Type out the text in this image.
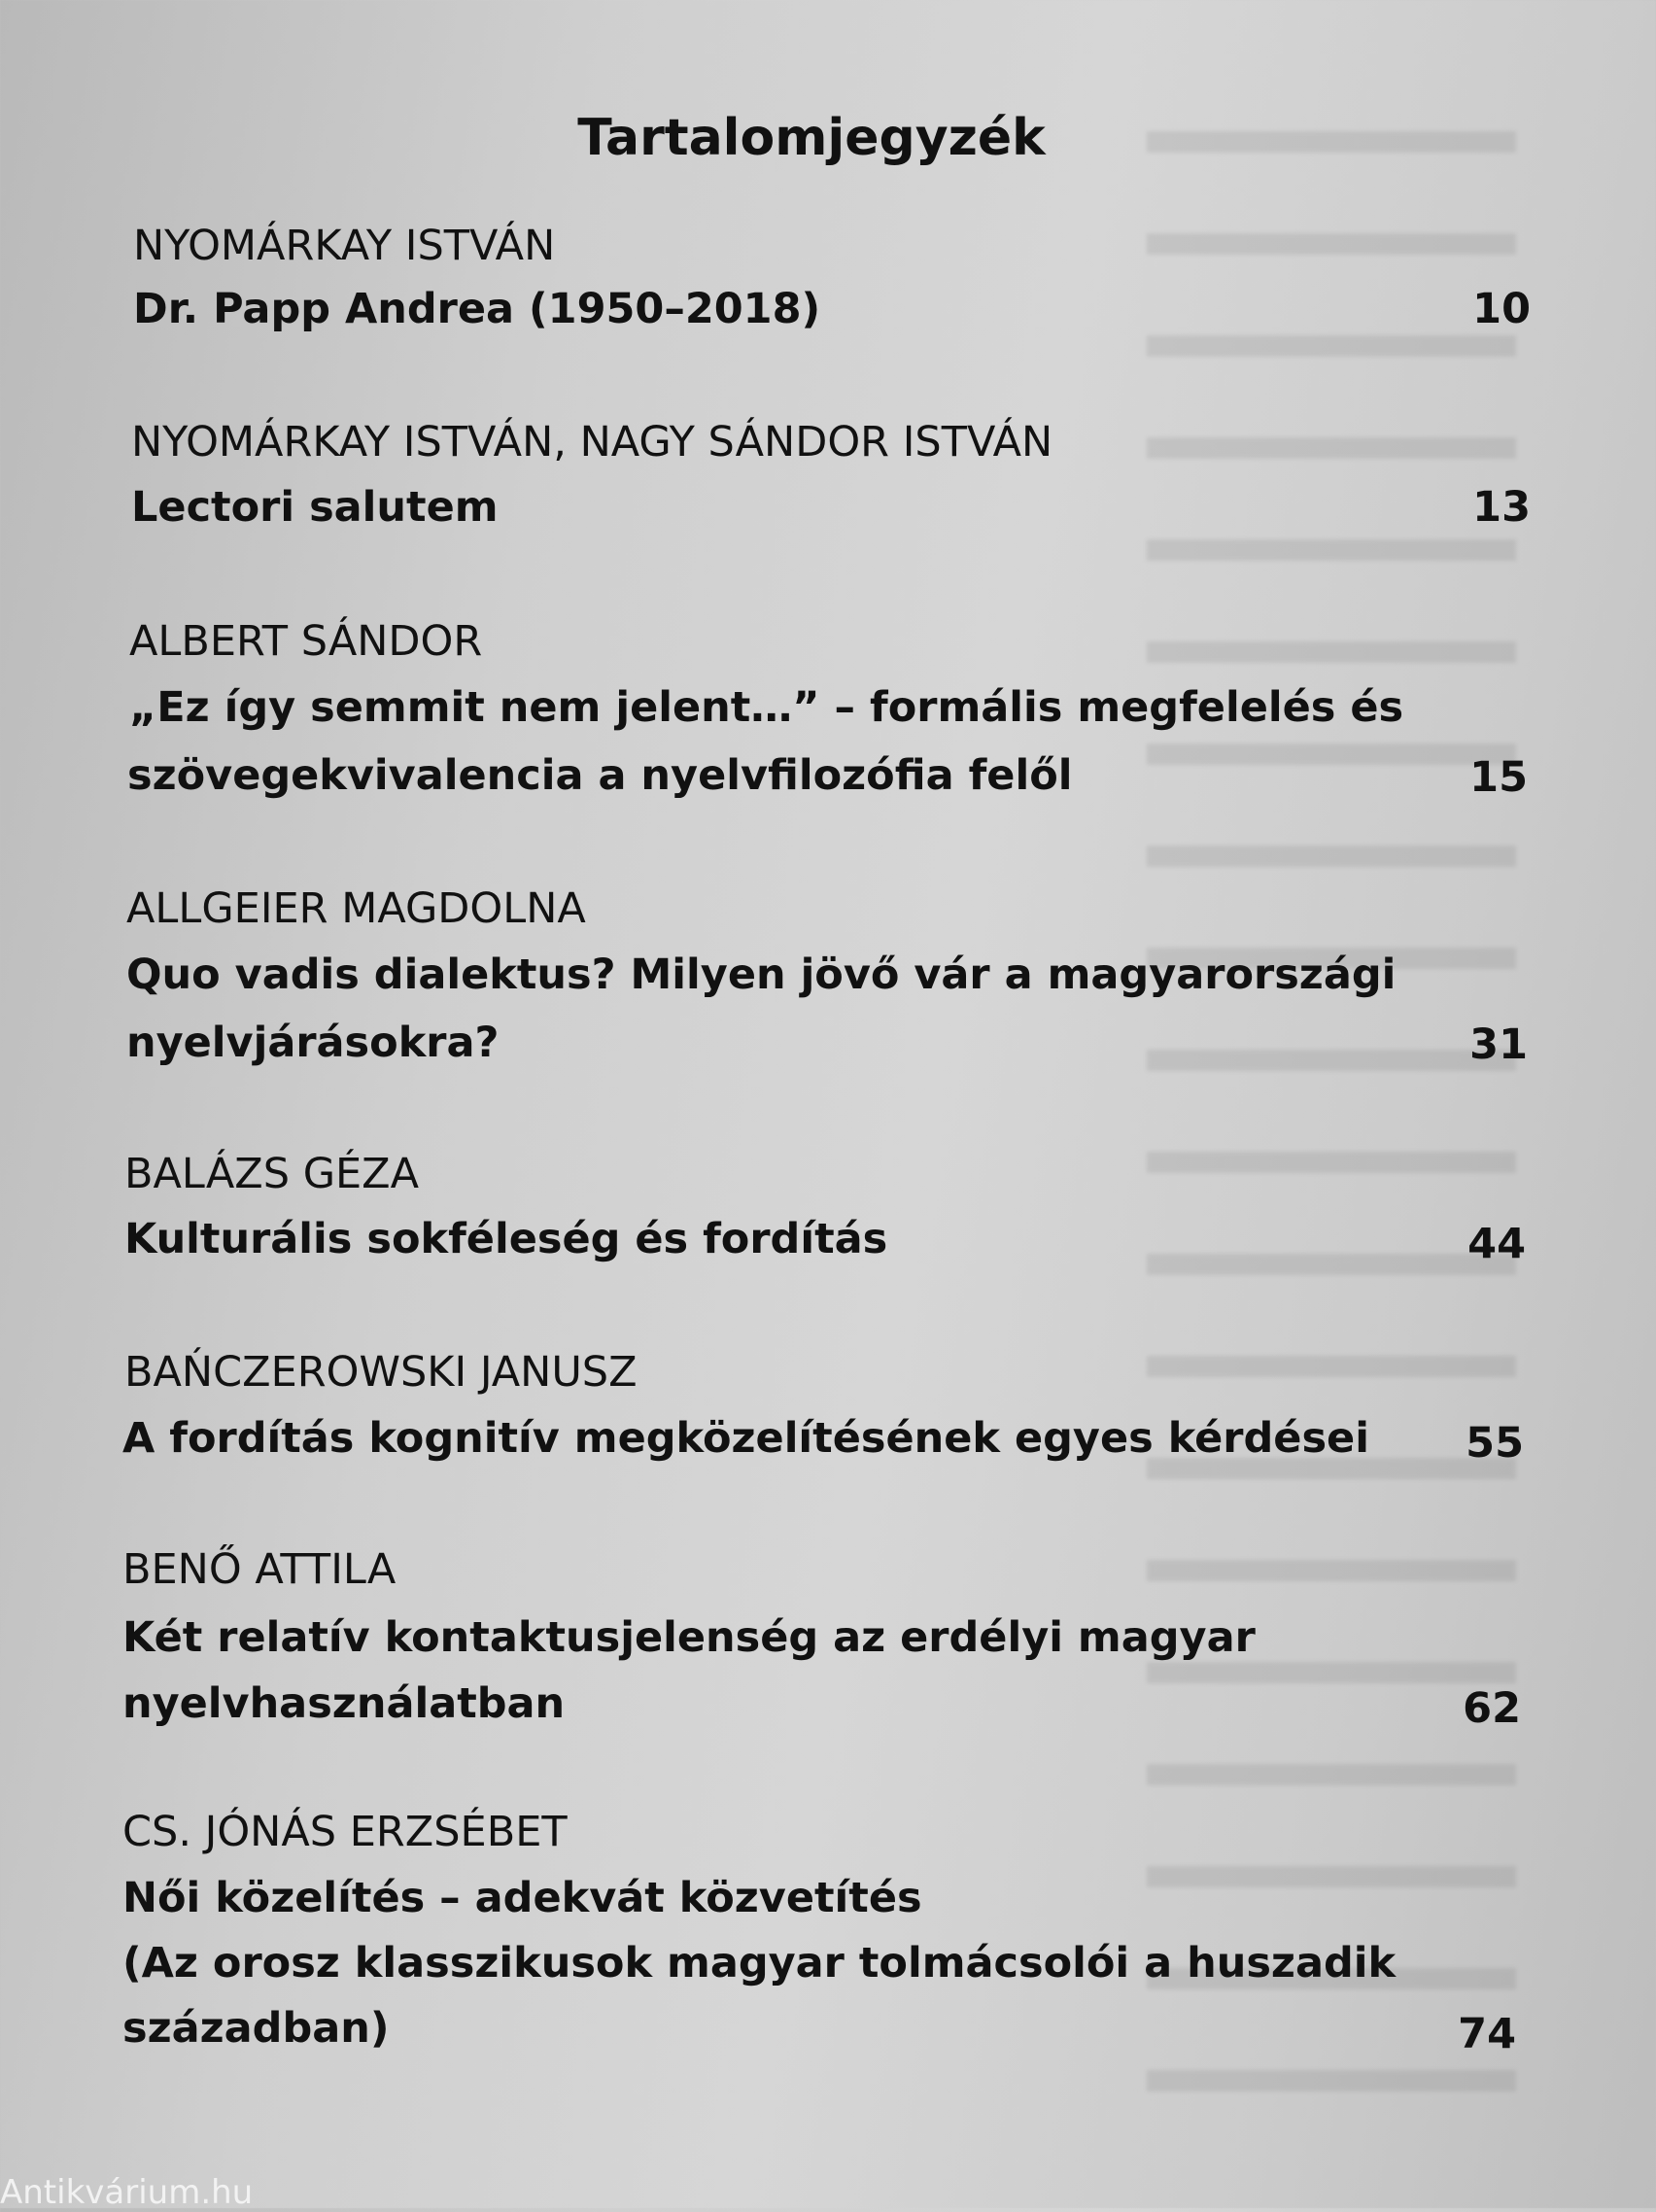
Tartalomjegyzék
NYOMÁRKAY ISTVÁN
Dr. Papp Andrea (1950–2018)	10
NYOMÁRKAY ISTVÁN, NAGY SÁNDOR ISTVÁN
Lectori salutem	13
ALBERT SÁNDOR
„Ez így semmit nem jelent…” – formális megfelelés és
szövegekvivalencia a nyelvfilozófia felől	15
ALLGEIER MAGDOLNA
Quo vadis dialektus? Milyen jövő vár a magyarországi
nyelvjárásokra?	31
BALÁZS GÉZA
Kulturális sokféleség és fordítás	44
BAŃCZEROWSKI JANUSZ
A fordítás kognitív megközelítésének egyes kérdései	55
BENŐ ATTILA
Két relatív kontaktusjelenség az erdélyi magyar
nyelvhasználatban	62
CS. JÓNÁS ERZSÉBET
Női közelítés – adekvát közvetítés
(Az orosz klasszikusok magyar tolmácsolói a huszadik
században)	74
Antikvárium.hu
